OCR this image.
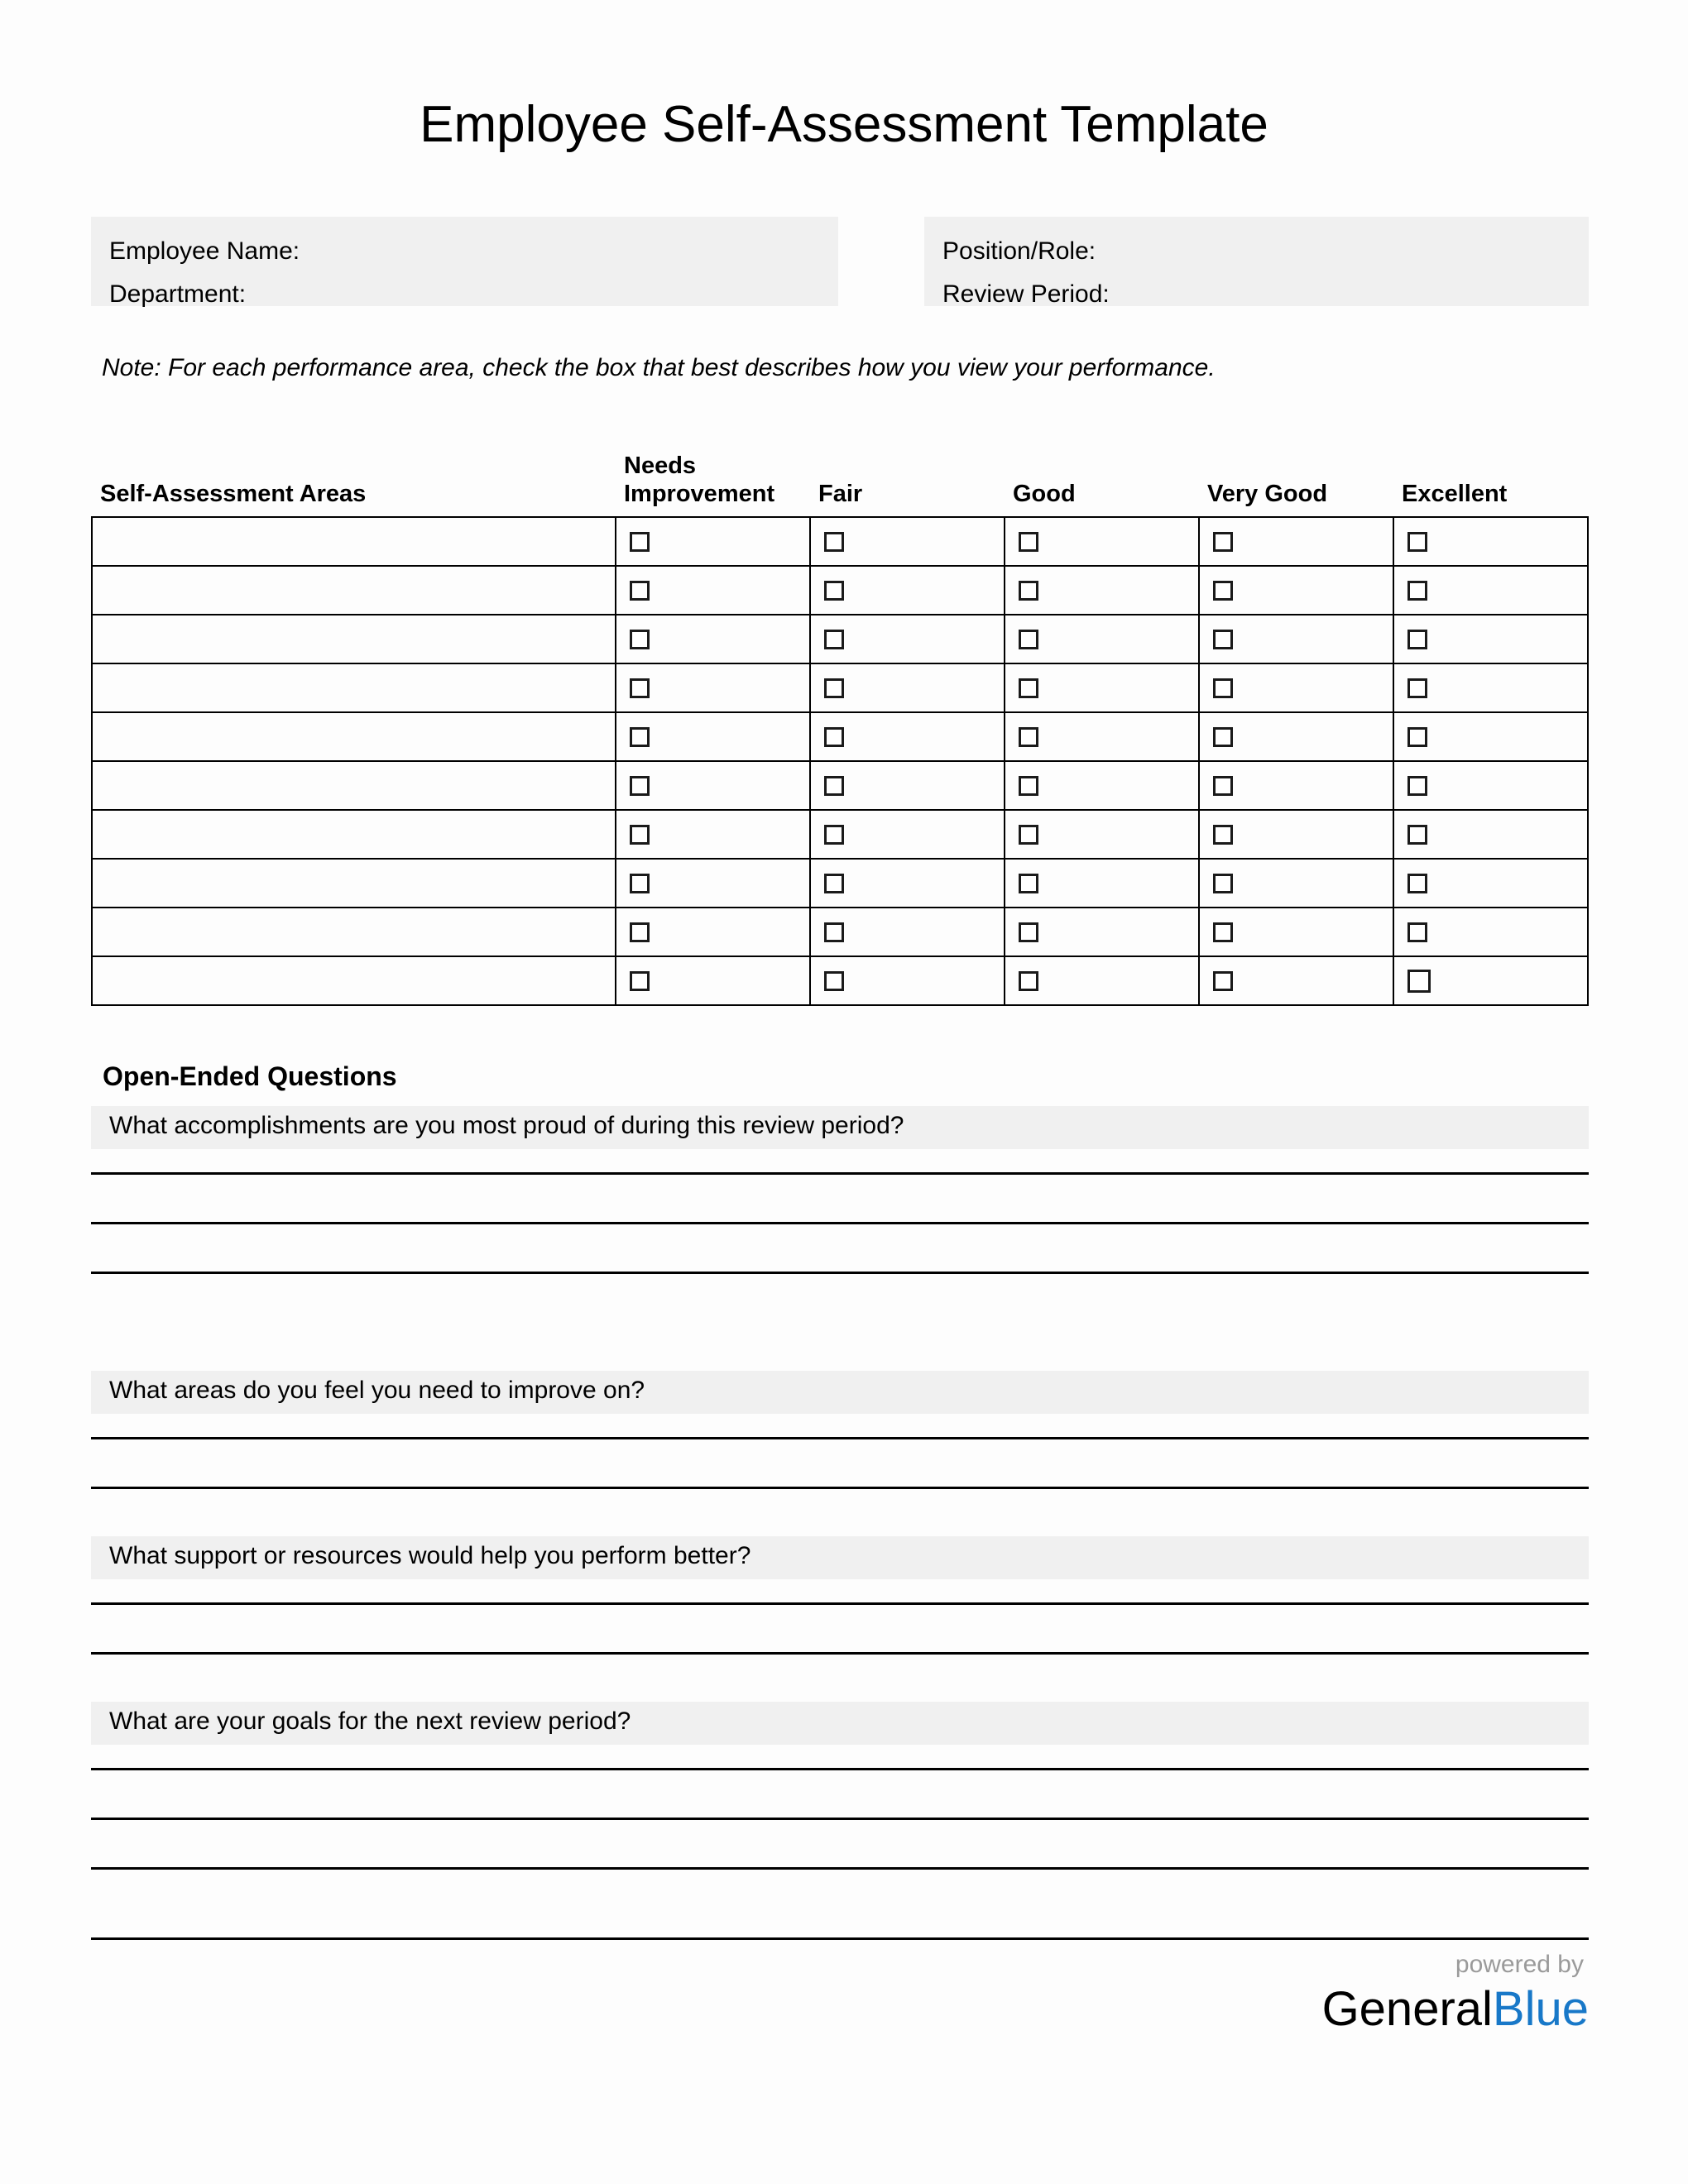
Employee Self-Assessment Template
Employee Name:
Department:
Position/Role:
Review Period:
Note: For each performance area, check the box that best describes how you view your performance.
Self-Assessment Areas	Needs Improvement	Fair	Good	Very Good	Excellent

Open-Ended Questions
What accomplishments are you most proud of during this review period?
What areas do you feel you need to improve on?
What support or resources would help you perform better?
What are your goals for the next review period?
powered by
GeneralBlue
